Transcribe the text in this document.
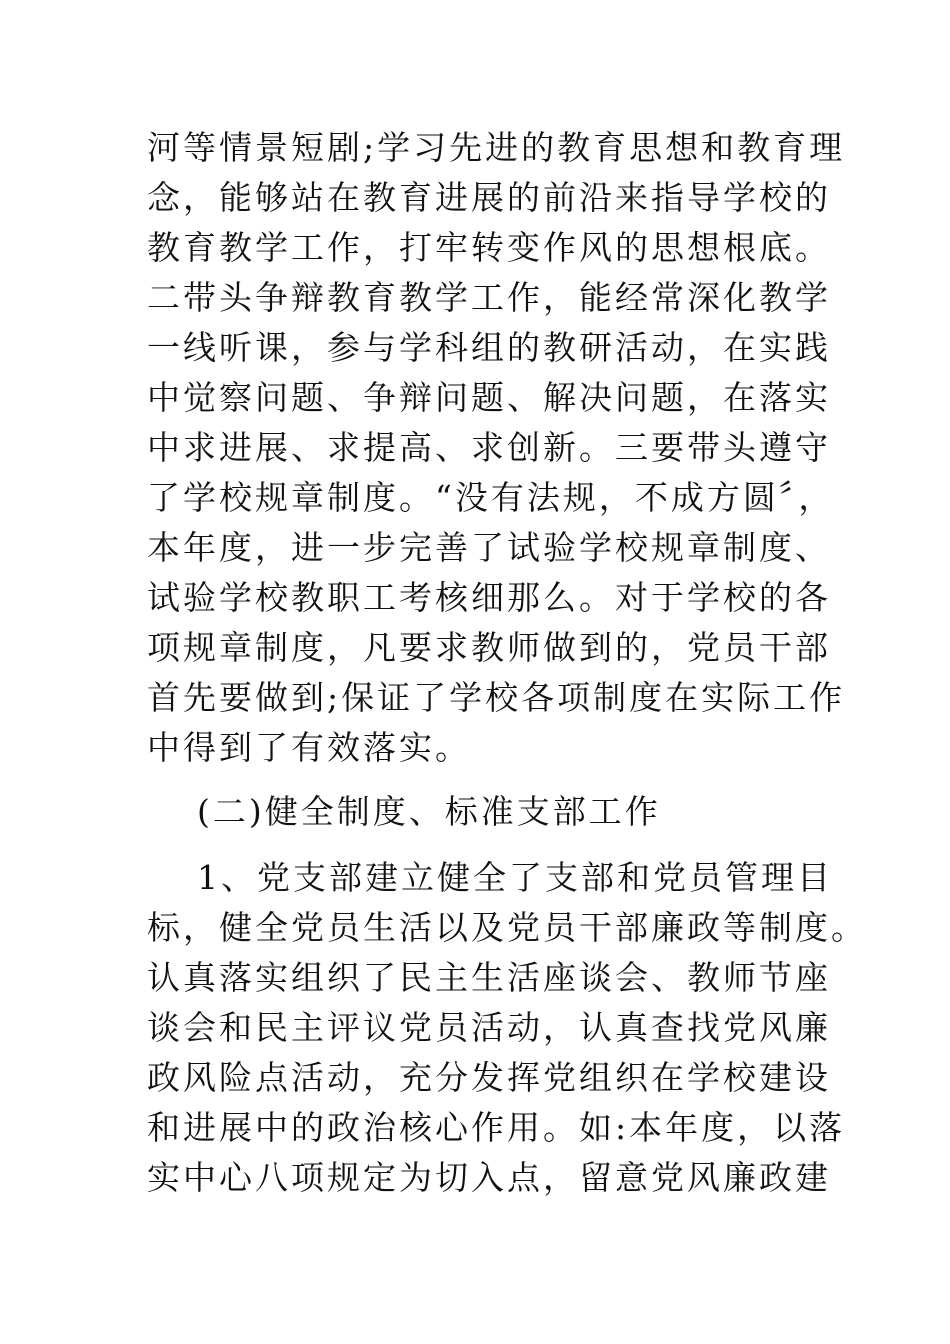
河等情景短剧;学习先进的教育思想和教育理
念，能够站在教育进展的前沿来指导学校的
教育教学工作，打牢转变作风的思想根底。
二带头争辩教育教学工作，能经常深化教学
一线听课，参与学科组的教研活动，在实践
中觉察问题、争辩问题、解决问题，在落实
中求进展、求提高、求创新。三要带头遵守
了学校规章制度。“没有法规，不成方圆〞，
本年度，进一步完善了试验学校规章制度、
试验学校教职工考核细那么。对于学校的各
项规章制度，凡要求教师做到的，党员干部
首先要做到;保证了学校各项制度在实际工作
中得到了有效落实。
(二)健全制度、标准支部工作
1、党支部建立健全了支部和党员管理目
标，健全党员生活以及党员干部廉政等制度。
认真落实组织了民主生活座谈会、教师节座
谈会和民主评议党员活动，认真查找党风廉
政风险点活动，充分发挥党组织在学校建设
和进展中的政治核心作用。如:本年度，以落
实中心八项规定为切入点，留意党风廉政建
